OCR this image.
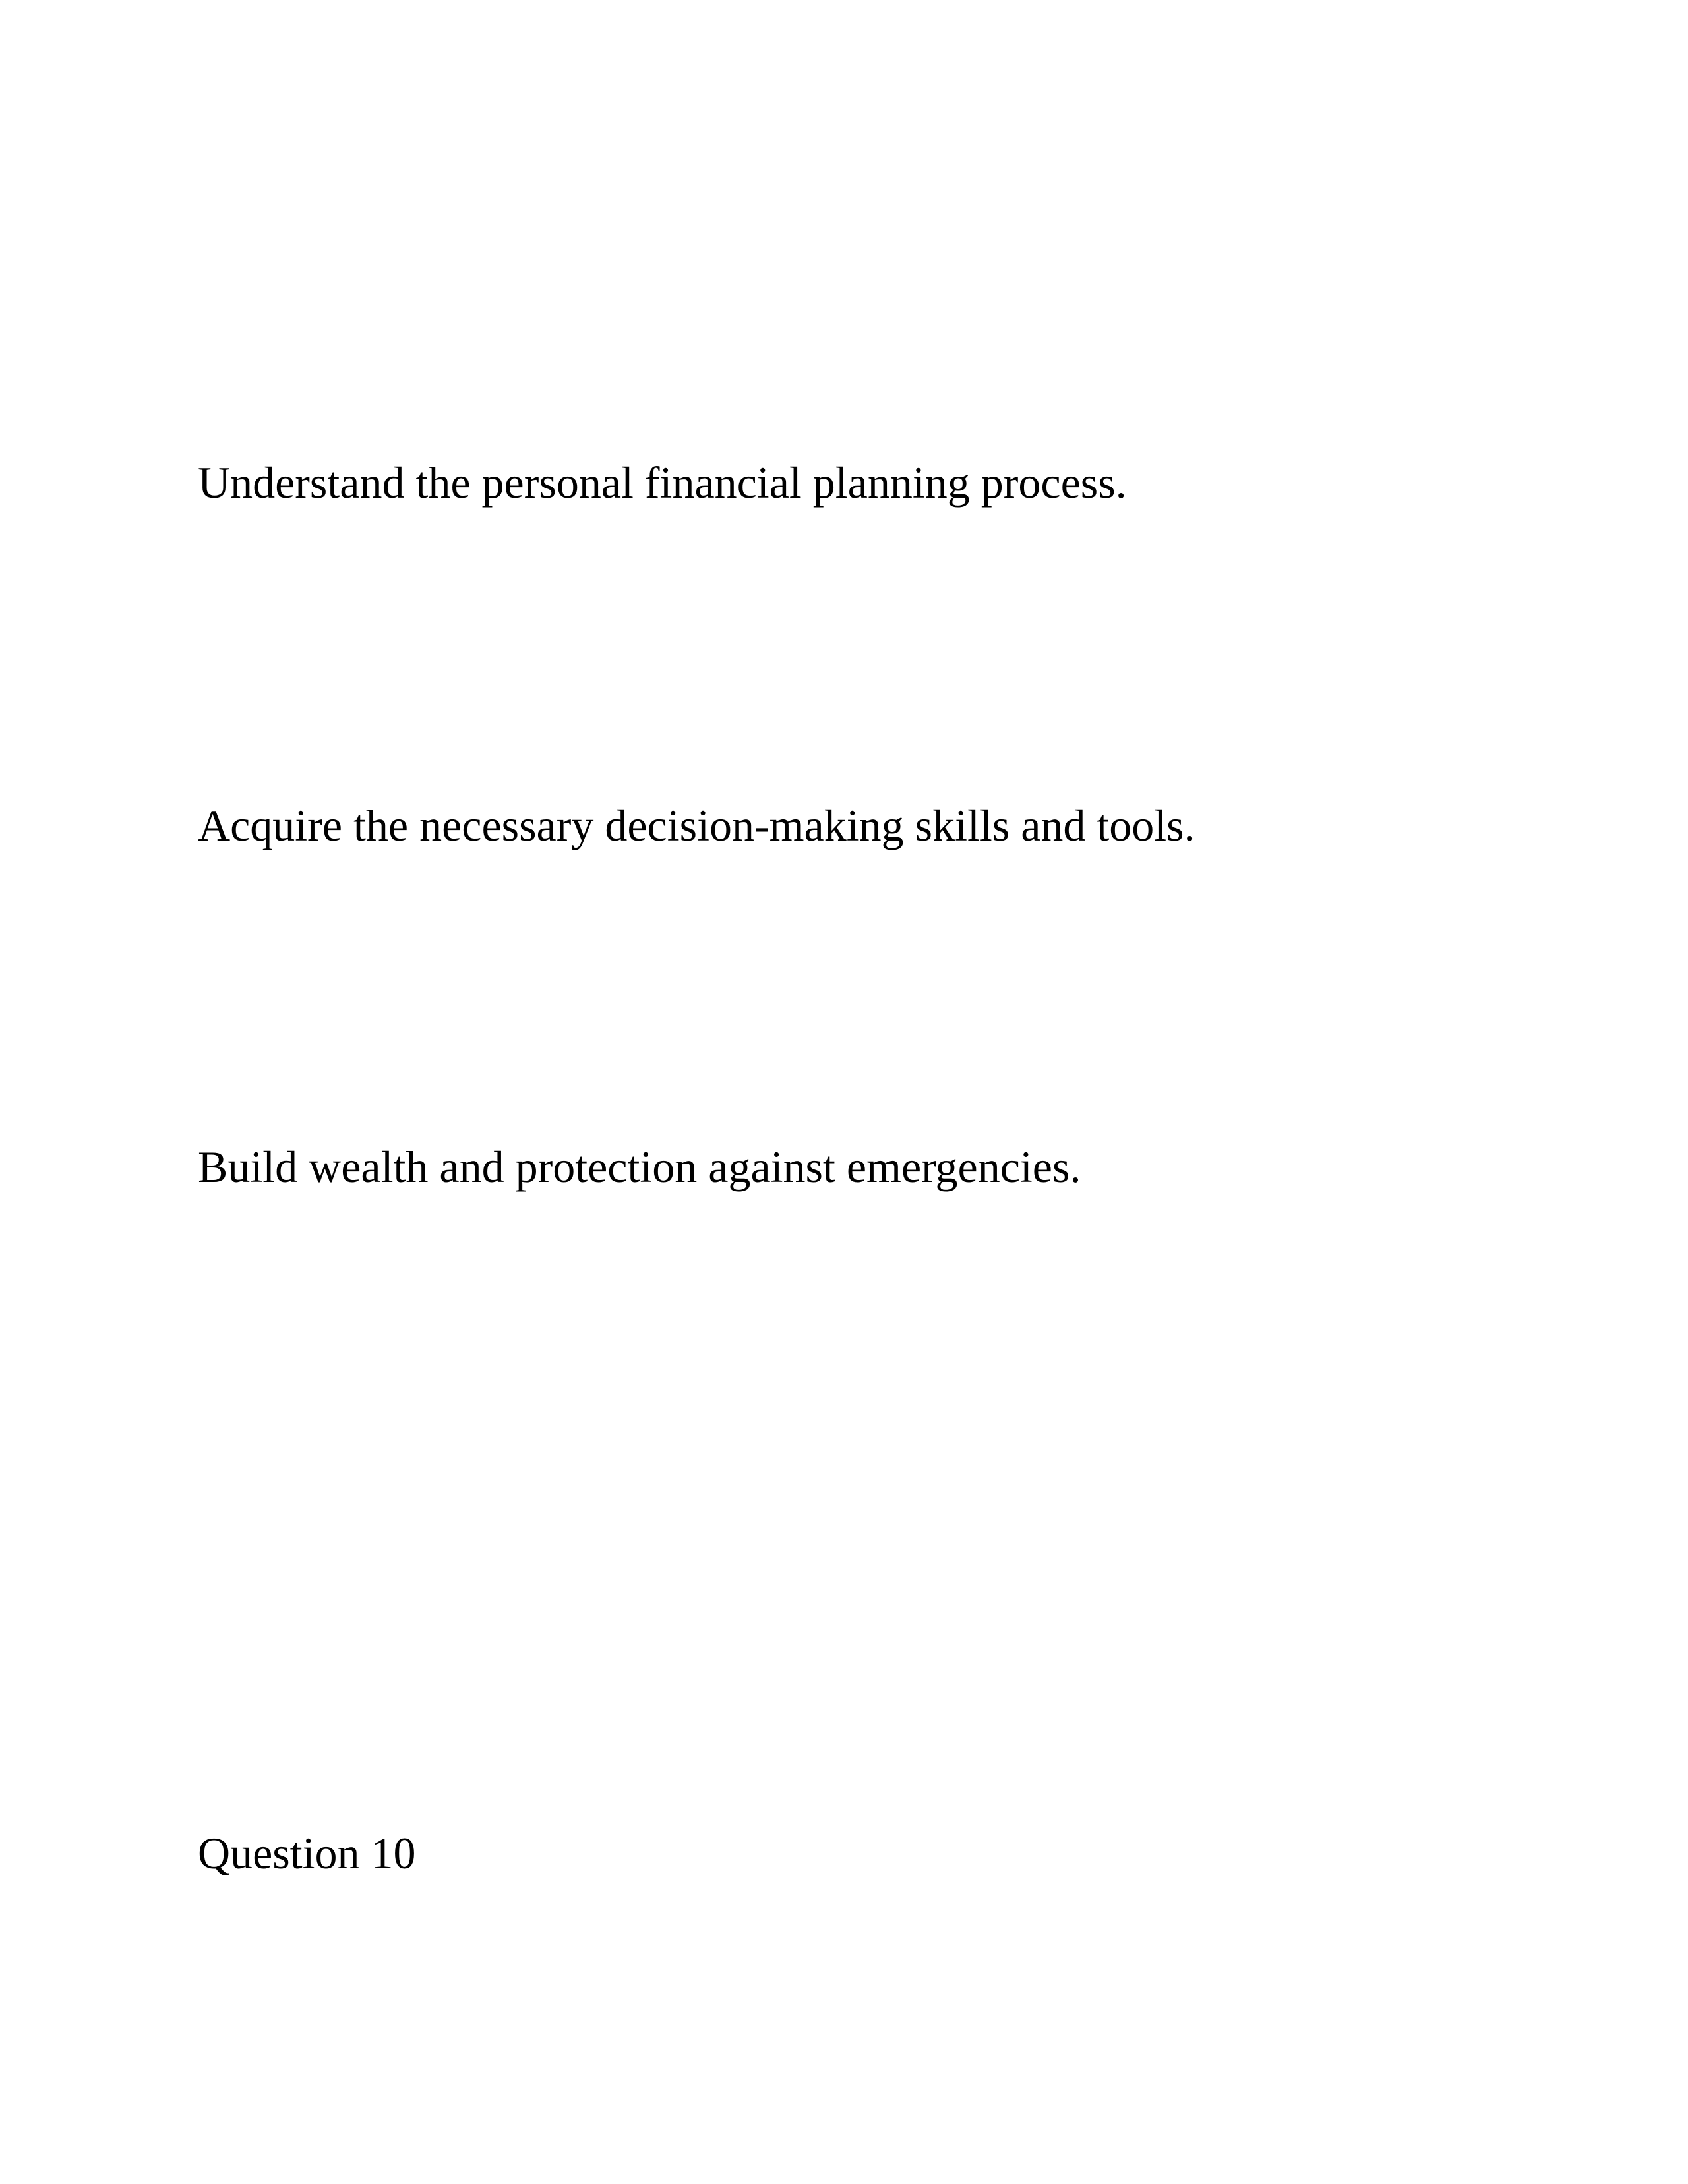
Understand the personal financial planning process.

Acquire the necessary decision-making skills and tools.

Build wealth and protection against emergencies.

Question 10
